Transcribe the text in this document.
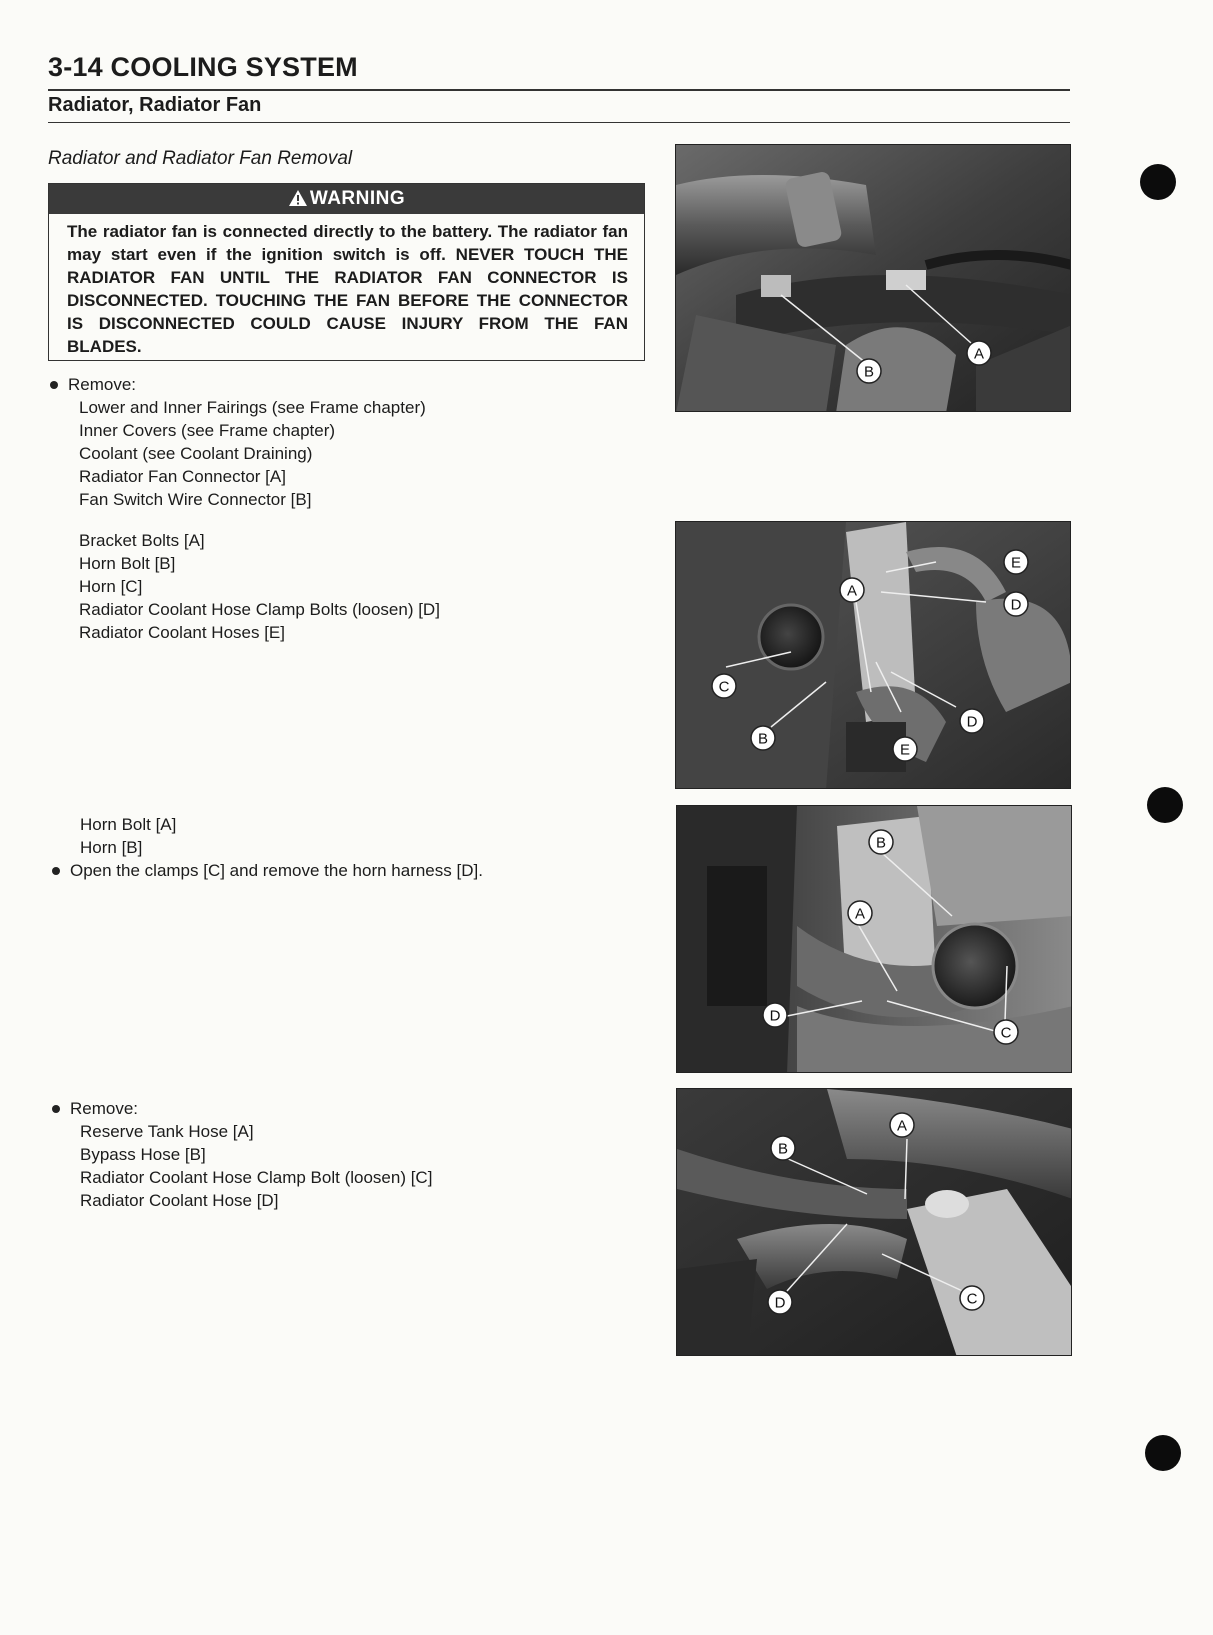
3-14 COOLING SYSTEM
Radiator, Radiator Fan
Radiator and Radiator Fan Removal
WARNING
The radiator fan is connected directly to the battery. The radiator fan may start even if the ignition switch is off. NEVER TOUCH THE RADIATOR FAN UNTIL THE RADIATOR FAN CONNECTOR IS DISCONNECTED. TOUCHING THE FAN BEFORE THE CONNECTOR IS DISCONNECTED COULD CAUSE INJURY FROM THE FAN BLADES.
Remove:
Lower and Inner Fairings (see Frame chapter)
Inner Covers (see Frame chapter)
Coolant (see Coolant Draining)
Radiator Fan Connector [A]
Fan Switch Wire Connector [B]
Bracket Bolts [A]
Horn Bolt [B]
Horn [C]
Radiator Coolant Hose Clamp Bolts (loosen) [D]
Radiator Coolant Hoses [E]
Horn Bolt [A]
Horn [B]
Open the clamps [C] and remove the horn harness [D].
Remove:
Reserve Tank Hose [A]
Bypass Hose [B]
Radiator Coolant Hose Clamp Bolt (loosen) [C]
Radiator Coolant Hose [D]
B
A
E
A
D
C
D
B
E
B
A
D
C
A
B
D	C
